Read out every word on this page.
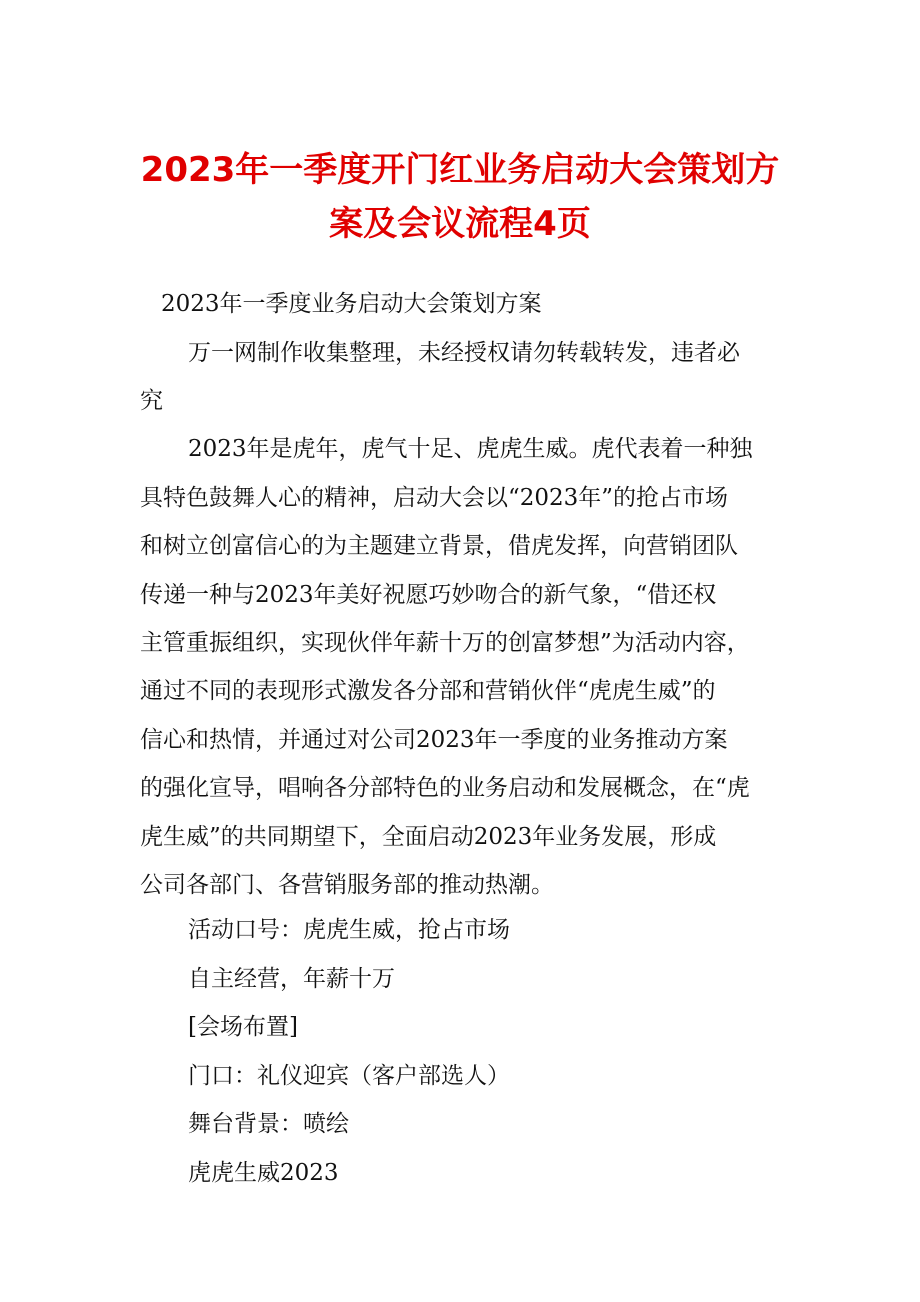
2023年一季度开门红业务启动大会策划方
案及会议流程4页
2023年一季度业务启动大会策划方案
万一网制作收集整理，未经授权请勿转载转发，违者必
究
2023年是虎年，虎气十足、虎虎生威。虎代表着一种独
具特色鼓舞人心的精神，启动大会以“2023年”的抢占市场
和树立创富信心的为主题建立背景，借虎发挥，向营销团队
传递一种与2023年美好祝愿巧妙吻合的新气象，“借还权
主管重振组织，实现伙伴年薪十万的创富梦想”为活动内容，
通过不同的表现形式激发各分部和营销伙伴“虎虎生威”的
信心和热情，并通过对公司2023年一季度的业务推动方案
的强化宣导，唱响各分部特色的业务启动和发展概念，在“虎
虎生威”的共同期望下，全面启动2023年业务发展，形成
公司各部门、各营销服务部的推动热潮。
活动口号：虎虎生威，抢占市场
自主经营，年薪十万
[会场布置]
门口：礼仪迎宾（客户部选人）
舞台背景：喷绘
虎虎生威2023
